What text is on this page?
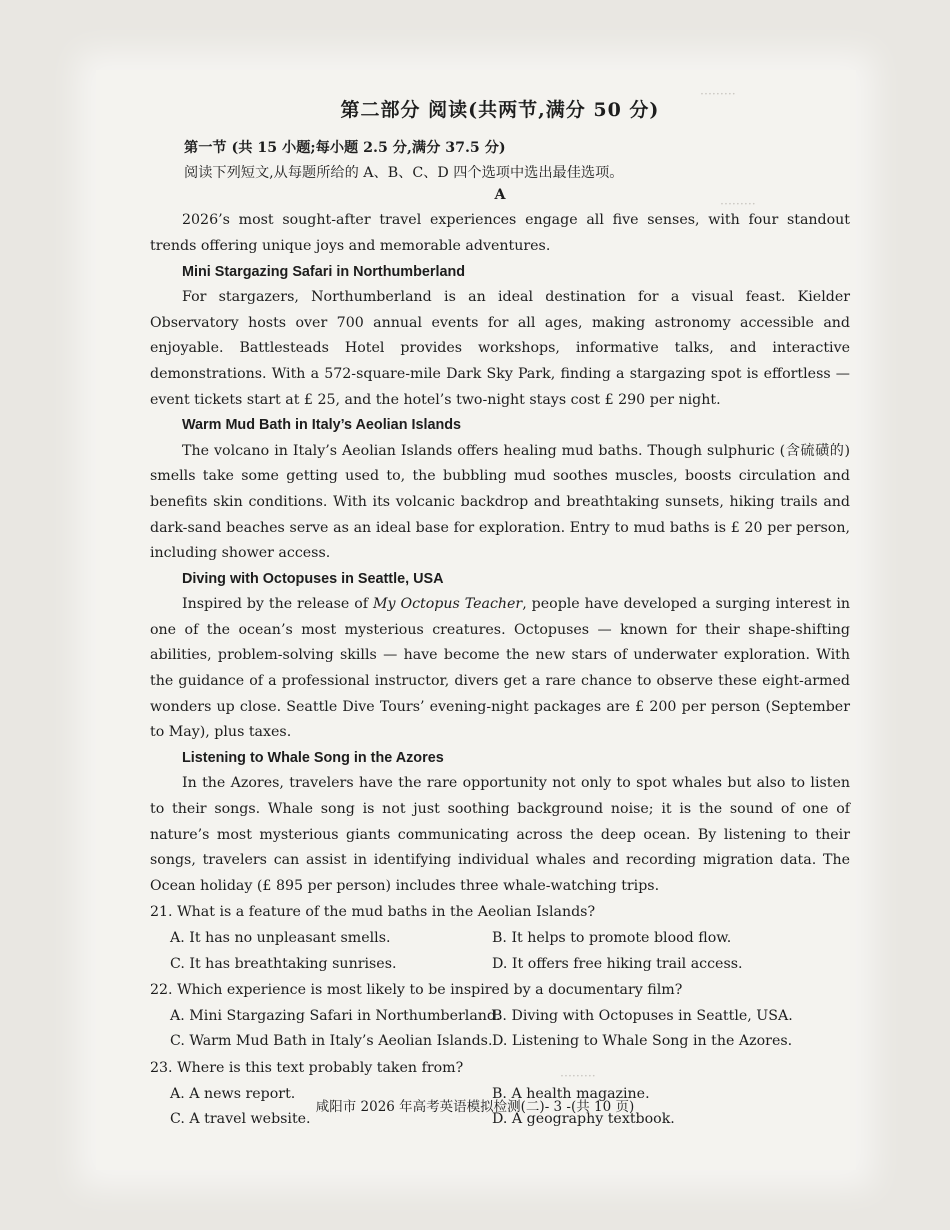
·········
·········
·········
第二部分 阅读(共两节,满分 50 分)
第一节 (共 15 小题;每小题 2.5 分,满分 37.5 分)
阅读下列短文,从每题所给的 A、B、C、D 四个选项中选出最佳选项。
A

2026’s most sought-after travel experiences engage all five senses, with four standout trends offering unique joys and memorable adventures.

Mini Stargazing Safari in Northumberland

For stargazers, Northumberland is an ideal destination for a visual feast. Kielder Observatory hosts over 700 annual events for all ages, making astronomy accessible and enjoyable. Battlesteads Hotel provides workshops, informative talks, and interactive demonstrations. With a 572-square-mile Dark Sky Park, finding a stargazing spot is effortless — event tickets start at £ 25, and the hotel’s two-night stays cost £ 290 per night.

Warm Mud Bath in Italy’s Aeolian Islands

The volcano in Italy’s Aeolian Islands offers healing mud baths. Though sulphuric (含硫磺的) smells take some getting used to, the bubbling mud soothes muscles, boosts circulation and benefits skin conditions. With its volcanic backdrop and breathtaking sunsets, hiking trails and dark-sand beaches serve as an ideal base for exploration. Entry to mud baths is £ 20 per person, including shower access.

Diving with Octopuses in Seattle, USA

Inspired by the release of My Octopus Teacher, people have developed a surging interest in one of the ocean’s most mysterious creatures. Octopuses — known for their shape-shifting abilities, problem-solving skills — have become the new stars of underwater exploration. With the guidance of a professional instructor, divers get a rare chance to observe these eight-armed wonders up close. Seattle Dive Tours’ evening-night packages are £ 200 per person (September to May), plus taxes.

Listening to Whale Song in the Azores

In the Azores, travelers have the rare opportunity not only to spot whales but also to listen to their songs. Whale song is not just soothing background noise; it is the sound of one of nature’s most mysterious giants communicating across the deep ocean. By listening to their songs, travelers can assist in identifying individual whales and recording migration data. The Ocean holiday (£ 895 per person) includes three whale-watching trips.

21. What is a feature of the mud baths in the Aeolian Islands?
A. It has no unpleasant smells.	B. It helps to promote blood flow.
C. It has breathtaking sunrises.	D. It offers free hiking trail access.
22. Which experience is most likely to be inspired by a documentary film?
A. Mini Stargazing Safari in Northumberland.
B. Diving with Octopuses in Seattle, USA.
C. Warm Mud Bath in Italy’s Aeolian Islands. D. Listening to Whale Song in the Azores.
23. Where is this text probably taken from?
A. A news report.	B. A health magazine.
C. A travel website.	D. A geography textbook.
咸阳市 2026 年高考英语模拟检测(二)- 3 -(共 10 页)
